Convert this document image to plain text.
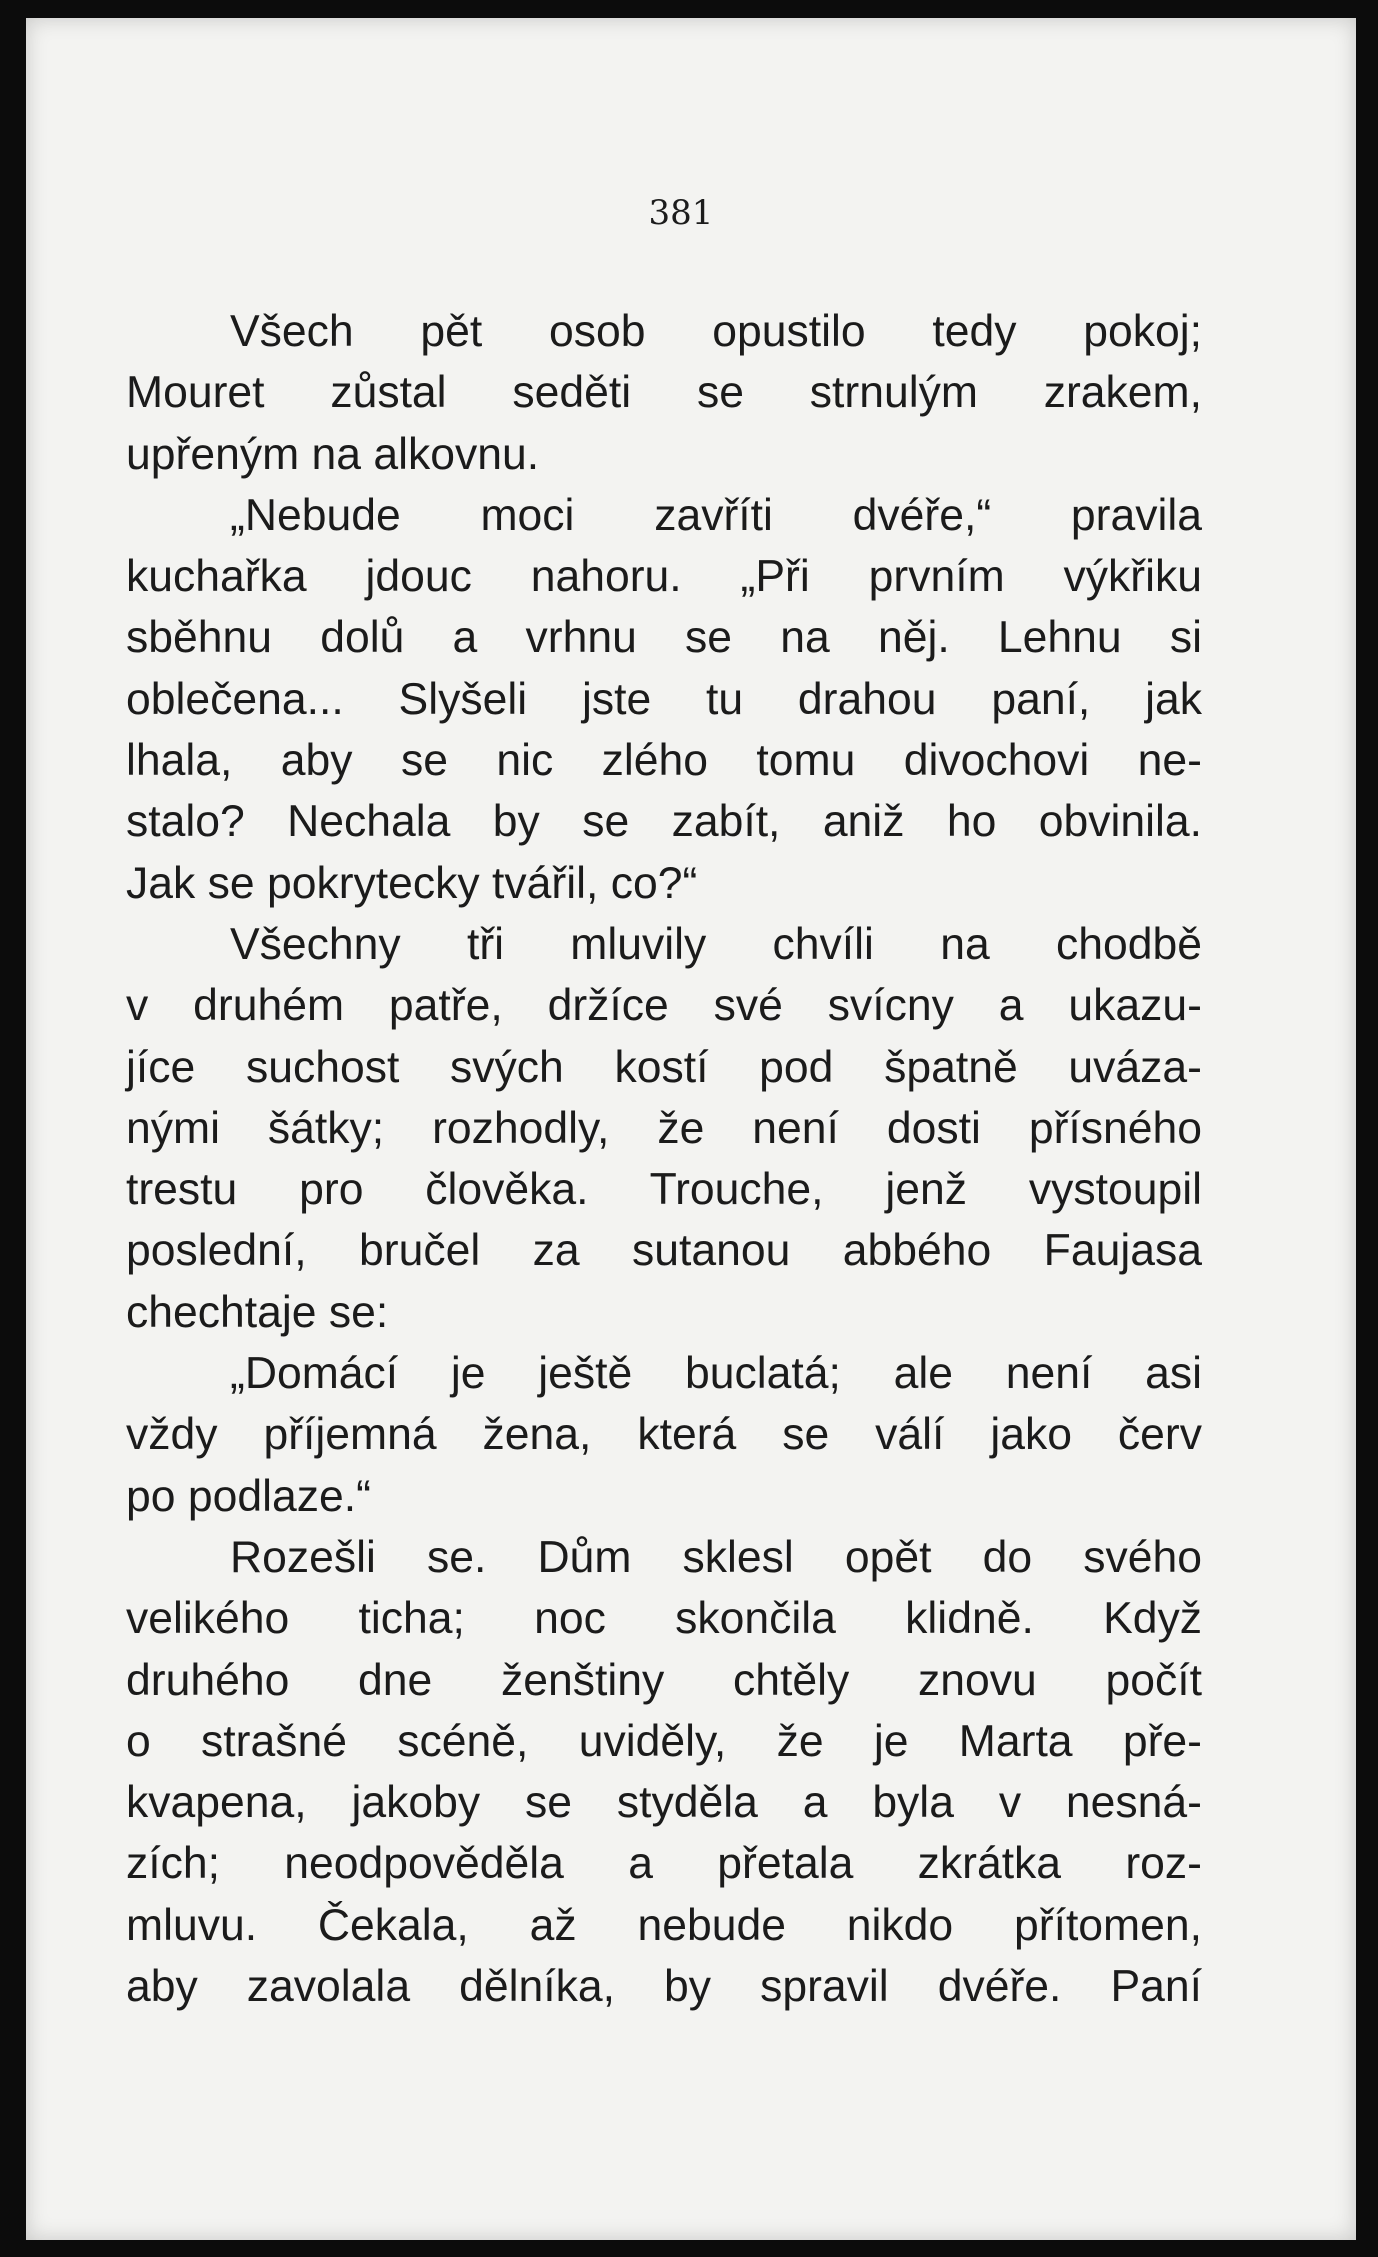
381
Všech pět osob opustilo tedy pokoj;
Mouret zůstal seděti se strnulým zrakem,
upřeným na alkovnu.
„Nebude moci zavříti dvéře,“ pravila
kuchařka jdouc nahoru. „Při prvním výkřiku
sběhnu dolů a vrhnu se na něj. Lehnu si
oblečena... Slyšeli jste tu drahou paní, jak
lhala, aby se nic zlého tomu divochovi ne-
stalo? Nechala by se zabít, aniž ho obvinila.
Jak se pokrytecky tvářil, co?“
Všechny tři mluvily chvíli na chodbě
v druhém patře, držíce své svícny a ukazu-
jíce suchost svých kostí pod špatně uváza-
nými šátky; rozhodly, že není dosti přísného
trestu pro člověka. Trouche, jenž vystoupil
poslední, bručel za sutanou abbého Faujasa
chechtaje se:
„Domácí je ještě buclatá; ale není asi
vždy příjemná žena, která se válí jako červ
po podlaze.“
Rozešli se. Dům sklesl opět do svého
velikého ticha; noc skončila klidně. Když
druhého dne ženštiny chtěly znovu počít
o strašné scéně, uviděly, že je Marta pře-
kvapena, jakoby se styděla a byla v nesná-
zích; neodpověděla a přetala zkrátka roz-
mluvu. Čekala, až nebude nikdo přítomen,
aby zavolala dělníka, by spravil dvéře. Paní
